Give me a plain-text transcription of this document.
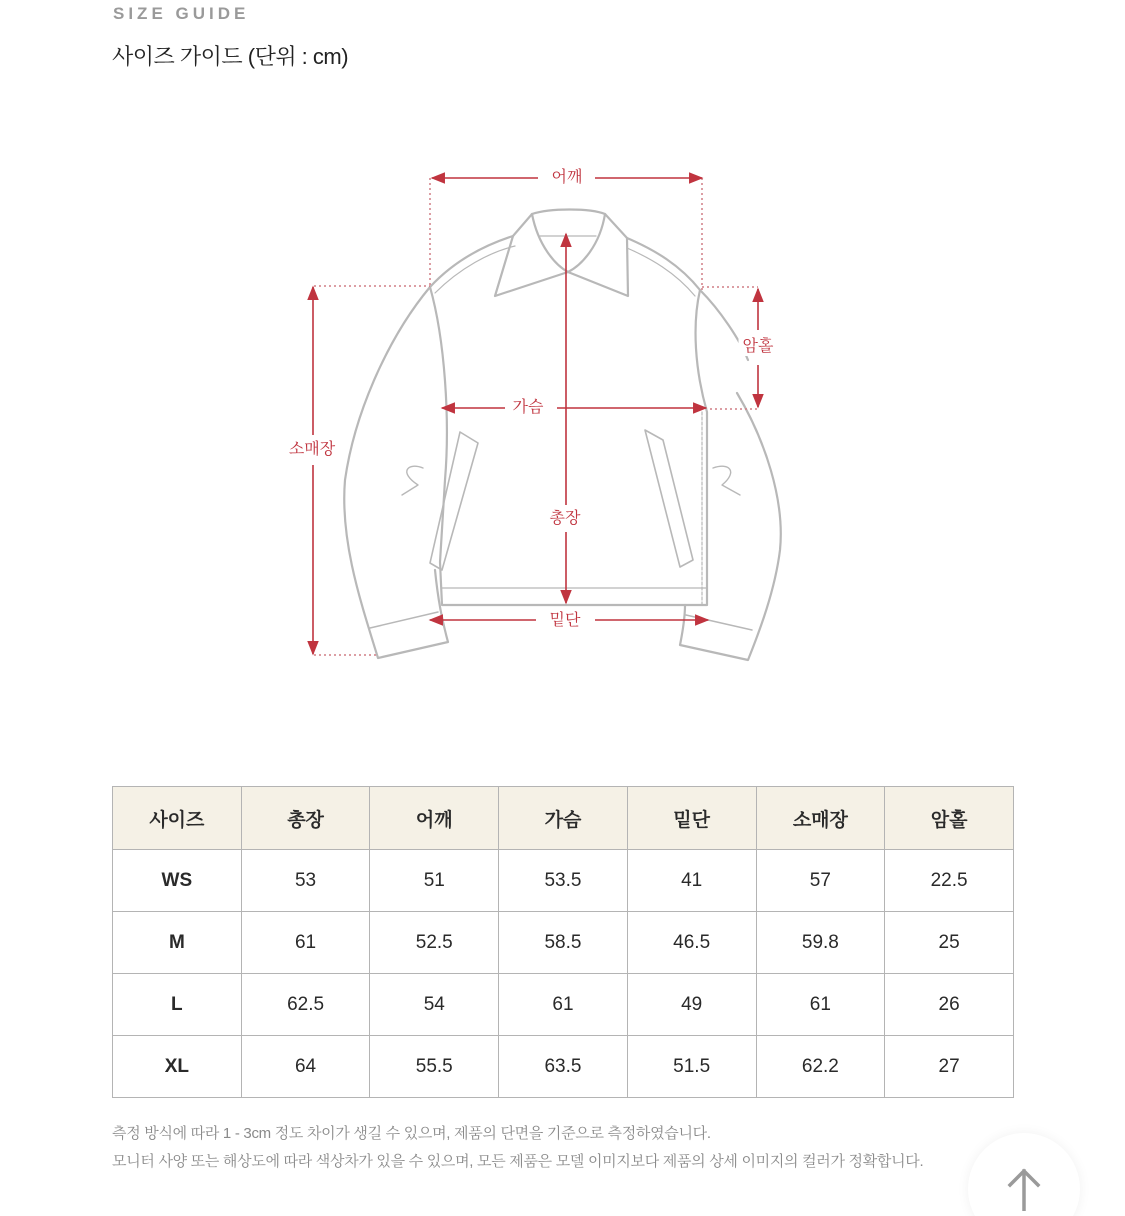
SIZE GUIDE
사이즈 가이드 (단위 : cm)
어깨
암홀
가슴
소매장
총장
밑단
사이즈	총장	어깨	가슴	밑단	소매장	암홀
WS	53	51	53.5	41	57	22.5
M	61	52.5	58.5	46.5	59.8	25
L	62.5	54	61	49	61	26
XL	64	55.5	63.5	51.5	62.2	27
측정 방식에 따라 1 - 3cm 정도 차이가 생길 수 있으며, 제품의 단면을 기준으로 측정하였습니다.
모니터 사양 또는 해상도에 따라 색상차가 있을 수 있으며, 모든 제품은 모델 이미지보다 제품의 상세 이미지의 컬러가 정확합니다.
